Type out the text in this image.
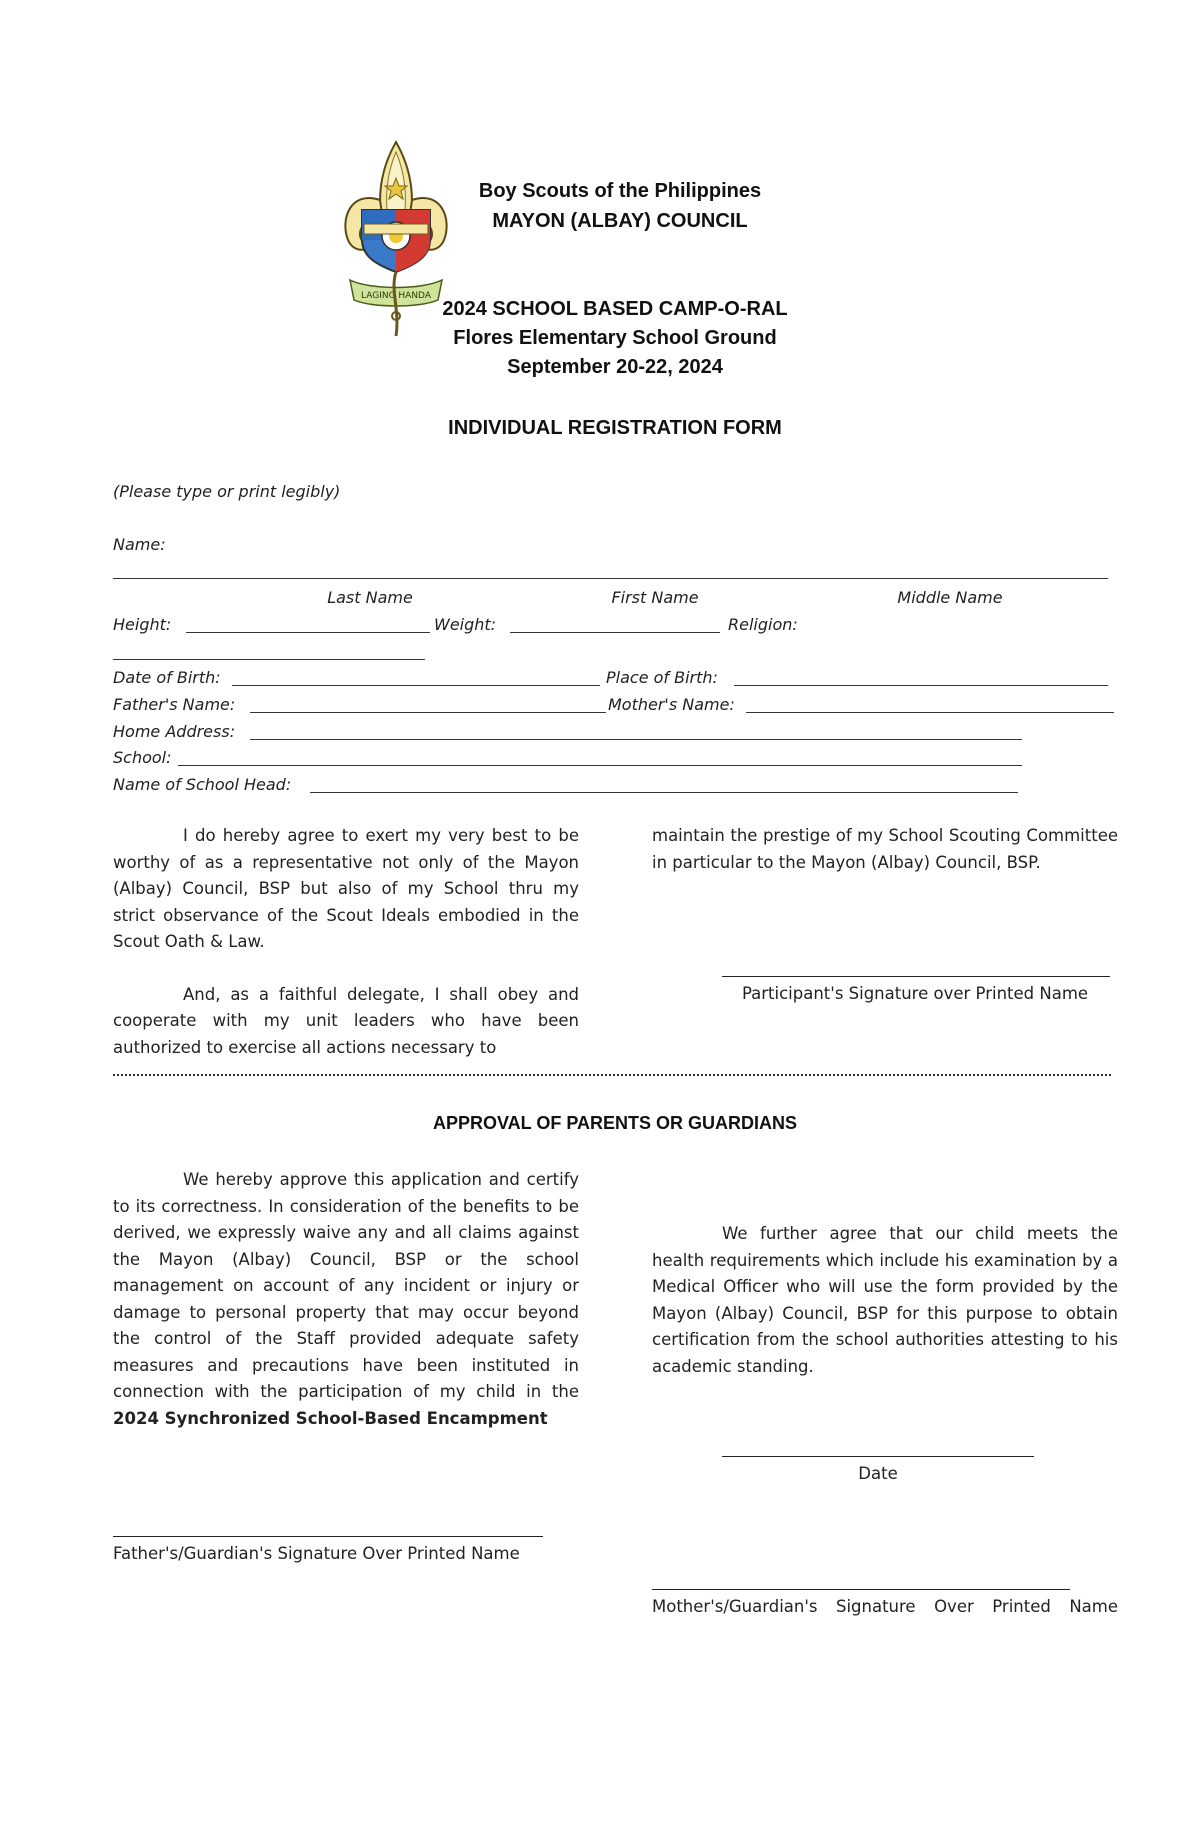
LAGING HANDA
Boy Scouts of the Philippines
MAYON (ALBAY) COUNCIL
2024 SCHOOL BASED CAMP-O-RAL
Flores Elementary School Ground
September 20-22, 2024
INDIVIDUAL REGISTRATION FORM
(Please type or print legibly)
Name:
Last Name	First Name	Middle Name
Height:	Weight:	Religion:
Date of Birth:	Place of Birth:
Father's Name:	Mother's Name:
Home Address:
School:
Name of School Head:

I do hereby agree to exert my very best to be worthy of as a representative not only of the Mayon (Albay) Council, BSP but also of my School thru my strict observance of the Scout Ideals embodied in the Scout Oath & Law.

And, as a faithful delegate, I shall obey and cooperate with my unit leaders who have been authorized to exercise all actions necessary to

maintain the prestige of my School Scouting Committee in particular to the Mayon (Albay) Council, BSP.

Participant's Signature over Printed Name
APPROVAL OF PARENTS OR GUARDIANS

We hereby approve this application and certify to its correctness. In consideration of the benefits to be derived, we expressly waive any and all claims against the Mayon (Albay) Council, BSP or the school management on account of any incident or injury or damage to personal property that may occur beyond the control of the Staff provided adequate safety measures and precautions have been instituted in connection with the participation of my child in the 2024 Synchronized School-Based Encampment

We further agree that our child meets the health requirements which include his examination by a Medical Officer who will use the form provided by the Mayon (Albay) Council, BSP for this purpose to obtain certification from the school authorities attesting to his academic standing.

Date
Father's/Guardian's Signature Over Printed Name
Mother's/Guardian's Signature Over Printed Name
